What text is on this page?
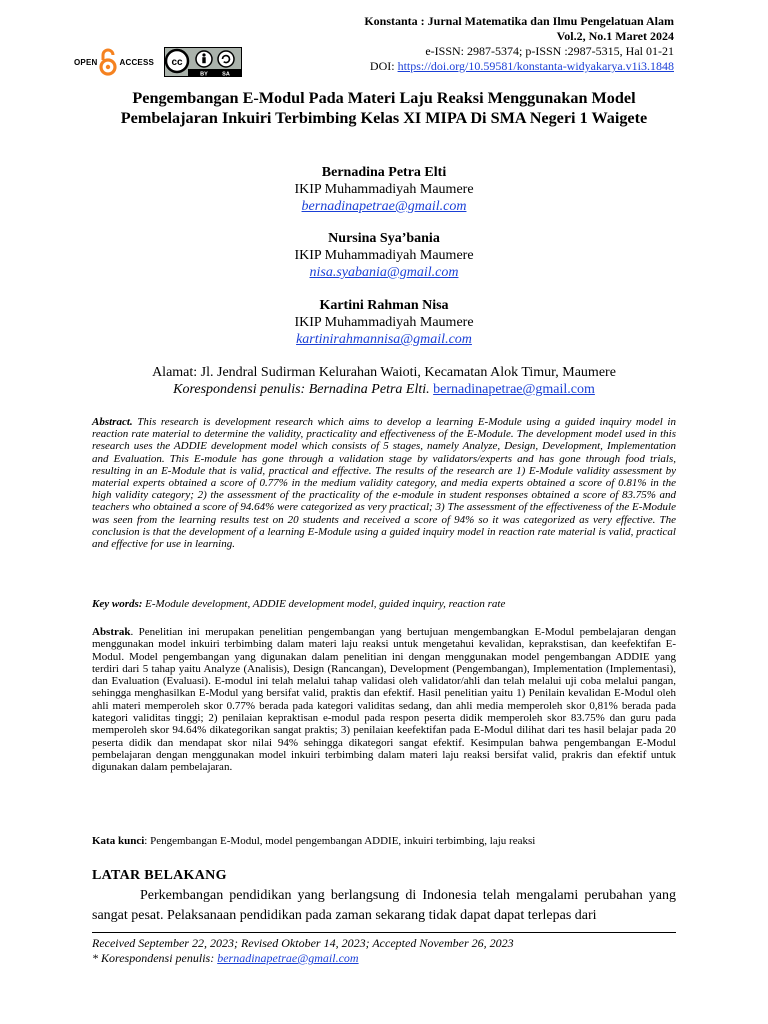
OPEN	ACCESS cc
BY	SA
Konstanta : Jurnal Matematika dan Ilmu Pengelatuan Alam
Vol.2, No.1 Maret 2024
e-ISSN: 2987-5374; p-ISSN :2987-5315, Hal 01-21
DOI: https://doi.org/10.59581/konstanta-widyakarya.v1i3.1848
Pengembangan E-Modul Pada Materi Laju Reaksi Menggunakan Model Pembelajaran Inkuiri Terbimbing Kelas XI MIPA Di SMA Negeri 1 Waigete
Bernadina Petra Elti
IKIP Muhammadiyah Maumere
bernadinapetrae@gmail.com
Nursina Sya’bania
IKIP Muhammadiyah Maumere
nisa.syabania@gmail.com
Kartini Rahman Nisa
IKIP Muhammadiyah Maumere
kartinirahmannisa@gmail.com
Alamat: Jl. Jendral Sudirman Kelurahan Waioti, Kecamatan Alok Timur, Maumere
Korespondensi penulis: Bernadina Petra Elti. bernadinapetrae@gmail.com
Abstract. This research is development research which aims to develop a learning E-Module using a guided inquiry model in reaction rate material to determine the validity, practicality and effectiveness of the E-Module. The development model used in this research uses the ADDIE development model which consists of 5 stages, namely Analyze, Design, Development, Implementation and Evaluation. This E-module has gone through a validation stage by validators/experts and has gone through food trials, resulting in an E-Module that is valid, practical and effective. The results of the research are 1) E-Module validity assessment by material experts obtained a score of 0.77% in the medium validity category, and media experts obtained a score of 0.81% in the high validity category; 2) the assessment of the practicality of the e-module in student responses obtained a score of 83.75% and teachers who obtained a score of 94.64% were categorized as very practical; 3) The assessment of the effectiveness of the E-Module was seen from the learning results test on 20 students and received a score of 94% so it was categorized as very effective. The conclusion is that the development of a learning E-Module using a guided inquiry model in reaction rate material is valid, practical and effective for use in learning.
Key words: E-Module development, ADDIE development model, guided inquiry, reaction rate
Abstrak. Penelitian ini merupakan penelitian pengembangan yang bertujuan mengembangkan E-Modul pembelajaran dengan menggunakan model inkuiri terbimbing dalam materi laju reaksi untuk mengetahui kevalidan, keprakstisan, dan keefektifan E-Modul. Model pengembangan yang digunakan dalam penelitian ini dengan menggunakan model pengembangan ADDIE yang terdiri dari 5 tahap yaitu Analyze (Analisis), Design (Rancangan), Development (Pengembangan), Implementation (Implementasi), dan Evaluation (Evaluasi). E-modul ini telah melalui tahap validasi oleh validator/ahli dan telah melalui uji coba melalui pangan, sehingga menghasilkan E-Modul yang bersifat valid, praktis dan efektif. Hasil penelitian yaitu 1) Penilain kevalidan E-Modul oleh ahli materi memperoleh skor 0.77% berada pada kategori validitas sedang, dan ahli media memperoleh skor 0,81% berada pada kategori validitas tinggi; 2) penilaian kepraktisan e-modul pada respon peserta didik memperoleh skor 83.75% dan guru pada memperoleh skor 94.64% dikategorikan sangat praktis; 3) penilaian keefektifan pada E-Modul dilihat dari tes hasil belajar pada 20 peserta didik dan mendapat skor nilai 94% sehingga dikategori sangat efektif. Kesimpulan bahwa pengembangan E-Modul pembelajaran dengan menggunakan model inkuiri terbimbing dalam materi laju reaksi bersifat valid, prakris dan efektif untuk digunakan dalam pembelajaran.
Kata kunci: Pengembangan E-Modul, model pengembangan ADDIE, inkuiri terbimbing, laju reaksi
LATAR BELAKANG
Perkembangan pendidikan yang berlangsung di Indonesia telah mengalami perubahan yang sangat pesat. Pelaksanaan pendidikan pada zaman sekarang tidak dapat dapat terlepas dari
Received September 22, 2023; Revised Oktober 14, 2023; Accepted November 26, 2023
* Korespondensi penulis: bernadinapetrae@gmail.com
